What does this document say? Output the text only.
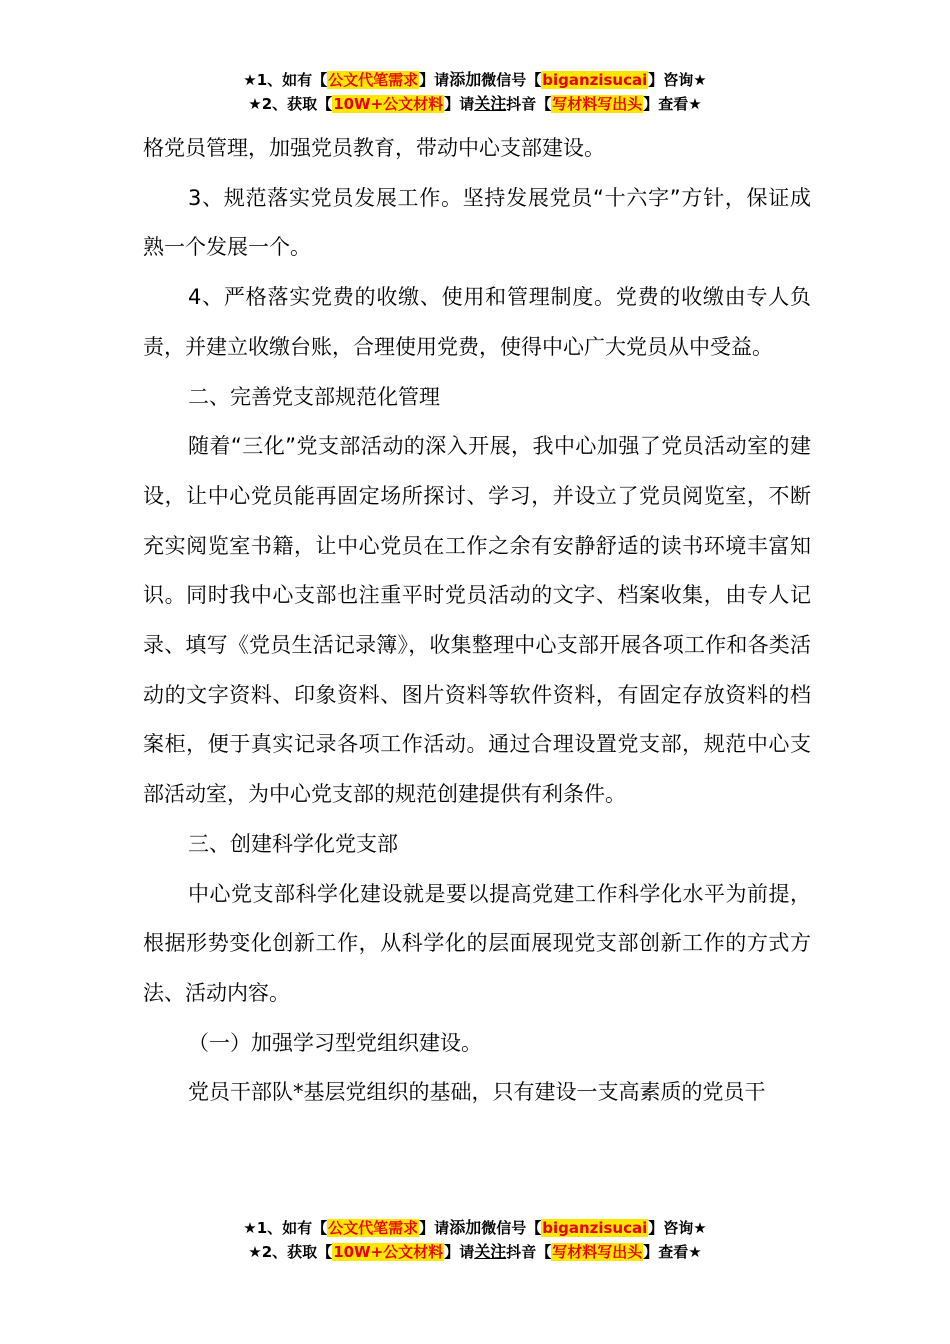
★1、如有【公文代笔需求】请添加微信号【biganzisucai】咨询★
★2、获取【10W+公文材料】请关注抖音【写材料写出头】查看★

格党员管理，加强党员教育，带动中心支部建设。

3、规范落实党员发展工作。坚持发展党员“十六字”方针，保证成熟一个发展一个。

4、严格落实党费的收缴、使用和管理制度。党费的收缴由专人负责，并建立收缴台账，合理使用党费，使得中心广大党员从中受益。

二、完善党支部规范化管理

随着“三化”党支部活动的深入开展，我中心加强了党员活动室的建设，让中心党员能再固定场所探讨、学习，并设立了党员阅览室，不断充实阅览室书籍，让中心党员在工作之余有安静舒适的读书环境丰富知识。同时我中心支部也注重平时党员活动的文字、档案收集，由专人记录、填写《党员生活记录簿》，收集整理中心支部开展各项工作和各类活动的文字资料、印象资料、图片资料等软件资料，有固定存放资料的档案柜，便于真实记录各项工作活动。通过合理设置党支部，规范中心支部活动室，为中心党支部的规范创建提供有利条件。

三、创建科学化党支部

中心党支部科学化建设就是要以提高党建工作科学化水平为前提，根据形势变化创新工作，从科学化的层面展现党支部创新工作的方式方法、活动内容。

（一）加强学习型党组织建设。

党员干部队*基层党组织的基础，只有建设一支高素质的党员干

★1、如有【公文代笔需求】请添加微信号【biganzisucai】咨询★
★2、获取【10W+公文材料】请关注抖音【写材料写出头】查看★
